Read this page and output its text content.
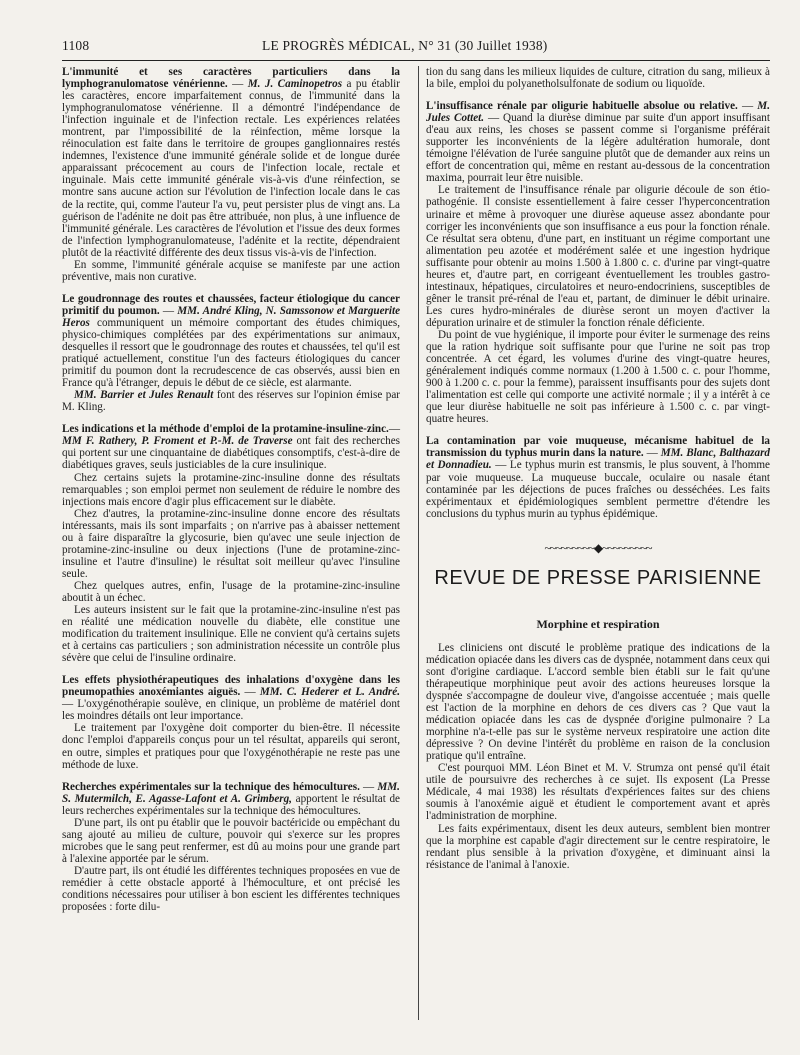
1108	LE PROGRÈS MÉDICAL, N° 31 (30 Juillet 1938)

L'immunité et ses caractères particuliers dans la lymphogranulomatose vénérienne. — M. J. Caminopetros a pu établir les caractères, encore imparfaitement connus, de l'immunité dans la lymphogranulomatose vénérienne. Il a démontré l'indépendance de l'infection inguinale et de l'infection rectale. Les expériences relatées montrent, par l'impossibilité de la réinfection, même lorsque la réinoculation est faite dans le territoire de groupes ganglionnaires restés indemnes, l'existence d'une immunité générale solide et de longue durée apparaissant précocement au cours de l'infection locale, rectale et inguinale. Mais cette immunité générale vis-à-vis d'une réinfection, se montre sans aucune action sur l'évolution de l'infection locale dans le cas de la rectite, qui, comme l'auteur l'a vu, peut persister plus de vingt ans. La guérison de l'adénite ne doit pas être attribuée, non plus, à une influence de l'immunité générale. Les caractères de l'évolution et l'issue des deux formes de l'infection lymphogranulomateuse, l'adénite et la rectite, dépendraient plutôt de la réactivité différente des deux tissus vis-à-vis de l'infection.

En somme, l'immunité générale acquise se manifeste par une action préventive, mais non curative.

Le goudronnage des routes et chaussées, facteur étiologique du cancer primitif du poumon. — MM. André Kling, N. Samssonow et Marguerite Heros communiquent un mémoire comportant des études chimiques, physico-chimiques complétées par des expérimentations sur animaux, desquelles il ressort que le goudronnage des routes et chaussées, tel qu'il est pratiqué actuellement, constitue l'un des facteurs étiologiques du cancer primitif du poumon dont la recrudescence de cas observés, aussi bien en France qu'à l'étranger, depuis le début de ce siècle, est alarmante.

MM. Barrier et Jules Renault font des réserves sur l'opinion émise par M. Kling.

Les indications et la méthode d'emploi de la protamine-insuline-zinc.— MM F. Rathery, P. Froment et P.-M. de Traverse ont fait des recherches qui portent sur une cinquantaine de diabétiques consomptifs, c'est-à-dire de diabétiques graves, seuls justiciables de la cure insulinique.

Chez certains sujets la protamine-zinc-insuline donne des résultats remarquables ; son emploi permet non seulement de réduire le nombre des injections mais encore d'agir plus efficacement sur le diabète.

Chez d'autres, la protamine-zinc-insuline donne encore des résultats intéressants, mais ils sont imparfaits ; on n'arrive pas à abaisser nettement ou à faire disparaître la glycosurie, bien qu'avec une seule injection de protamine-zinc-insuline ou deux injections (l'une de protamine-zinc-insuline et l'autre d'insuline) le résultat soit meilleur qu'avec l'insuline seule.

Chez quelques autres, enfin, l'usage de la protamine-zinc-insuline aboutit à un échec.

Les auteurs insistent sur le fait que la protamine-zinc-insuline n'est pas en réalité une médication nouvelle du diabète, elle constitue une modification du traitement insulinique. Elle ne convient qu'à certains sujets et à certains cas particuliers ; son administration nécessite un contrôle plus sévère que celui de l'insuline ordinaire.

Les effets physiothérapeutiques des inhalations d'oxygène dans les pneumopathies anoxémiantes aiguës. — MM. C. Hederer et L. André. — L'oxygénothérapie soulève, en clinique, un problème de matériel dont les moindres détails ont leur importance.

Le traitement par l'oxygène doit comporter du bien-être. Il nécessite donc l'emploi d'appareils conçus pour un tel résultat, appareils qui seront, en outre, simples et pratiques pour que l'oxygénothérapie ne reste pas une méthode de luxe.

Recherches expérimentales sur la technique des hémocultures. — MM. S. Mutermilch, E. Agasse-Lafont et A. Grimberg, apportent le résultat de leurs recherches expérimentales sur la technique des hémocultures.

D'une part, ils ont pu établir que le pouvoir bactéricide ou empêchant du sang ajouté au milieu de culture, pouvoir qui s'exerce sur les propres microbes que le sang peut renfermer, est dû au moins pour une grande part à l'alexine apportée par le sérum.

D'autre part, ils ont étudié les différentes techniques proposées en vue de remédier à cette obstacle apporté à l'hémoculture, et ont précisé les conditions nécessaires pour utiliser à bon escient les différentes techniques proposées : forte dilu-

tion du sang dans les milieux liquides de culture, citration du sang, milieux à la bile, emploi du polyanetholsulfonate de sodium ou liquoïde.

L'insuffisance rénale par oligurie habituelle absolue ou relative. — M. Jules Cottet. — Quand la diurèse diminue par suite d'un apport insuffisant d'eau aux reins, les choses se passent comme si l'organisme préférait supporter les inconvénients de la légère adultération humorale, dont témoigne l'élévation de l'urée sanguine plutôt que de demander aux reins un effort de concentration qui, même en restant au-dessous de la concentration maxima, pourrait leur être nuisible.

Le traitement de l'insuffisance rénale par oligurie découle de son étio-pathogénie. Il consiste essentiellement à faire cesser l'hyperconcentration urinaire et même à provoquer une diurèse aqueuse assez abondante pour corriger les inconvénients que son insuffisance a eus pour la fonction rénale. Ce résultat sera obtenu, d'une part, en instituant un régime comportant une alimentation peu azotée et modérément salée et une ingestion hydrique suffisante pour obtenir au moins 1.500 à 1.800 c. c. d'urine par vingt-quatre heures et, d'autre part, en corrigeant éventuellement les troubles gastro-intestinaux, hépatiques, circulatoires et neuro-endocriniens, susceptibles de gêner le transit pré-rénal de l'eau et, partant, de diminuer le débit urinaire. Les cures hydro-minérales de diurèse seront un moyen d'activer la dépuration urinaire et de stimuler la fonction rénale déficiente.

Du point de vue hygiénique, il importe pour éviter le surmenage des reins que la ration hydrique soit suffisante pour que l'urine ne soit pas trop concentrée. A cet égard, les volumes d'urine des vingt-quatre heures, généralement indiqués comme normaux (1.200 à 1.500 c. c. pour l'homme, 900 à 1.200 c. c. pour la femme), paraissent insuffisants pour des sujets dont l'alimentation est celle qui comporte une activité normale ; il y a intérêt à ce que leur diurèse habituelle ne soit pas inférieure à 1.500 c. c. par vingt-quatre heures.

La contamination par voie muqueuse, mécanisme habituel de la transmission du typhus murin dans la nature. — MM. Blanc, Balthazard et Donnadieu. — Le typhus murin est transmis, le plus souvent, à l'homme par voie muqueuse. La muqueuse buccale, oculaire ou nasale étant contaminée par les déjections de puces fraîches ou desséchées. Les faits expérimentaux et épidémiologiques semblent permettre d'étendre les conclusions du typhus murin au typhus épidémique.

~~~~~~~~~◆~~~~~~~~~
REVUE DE PRESSE PARISIENNE
Morphine et respiration

Les cliniciens ont discuté le problème pratique des indications de la médication opiacée dans les divers cas de dyspnée, notamment dans ceux qui sont d'origine cardiaque. L'accord semble bien établi sur le fait qu'une thérapeutique morphinique peut avoir des actions heureuses lorsque la dyspnée s'accompagne de douleur vive, d'angoisse accentuée ; mais quelle est l'action de la morphine en dehors de ces divers cas ? Que vaut la médication opiacée dans les cas de dyspnée d'origine pulmonaire ? La morphine n'a-t-elle pas sur le système nerveux respiratoire une action dite dépressive ? On devine l'intérêt du problème en raison de la conclusion pratique qu'il entraîne.

C'est pourquoi MM. Léon Binet et M. V. Strumza ont pensé qu'il était utile de poursuivre des recherches à ce sujet. Ils exposent (La Presse Médicale, 4 mai 1938) les résultats d'expériences faites sur des chiens soumis à l'anoxémie aiguë et étudient le comportement avant et après l'administration de morphine.

Les faits expérimentaux, disent les deux auteurs, semblent bien montrer que la morphine est capable d'agir directement sur le centre respiratoire, le rendant plus sensible à la privation d'oxygène, et diminuant ainsi la résistance de l'animal à l'anoxie.
